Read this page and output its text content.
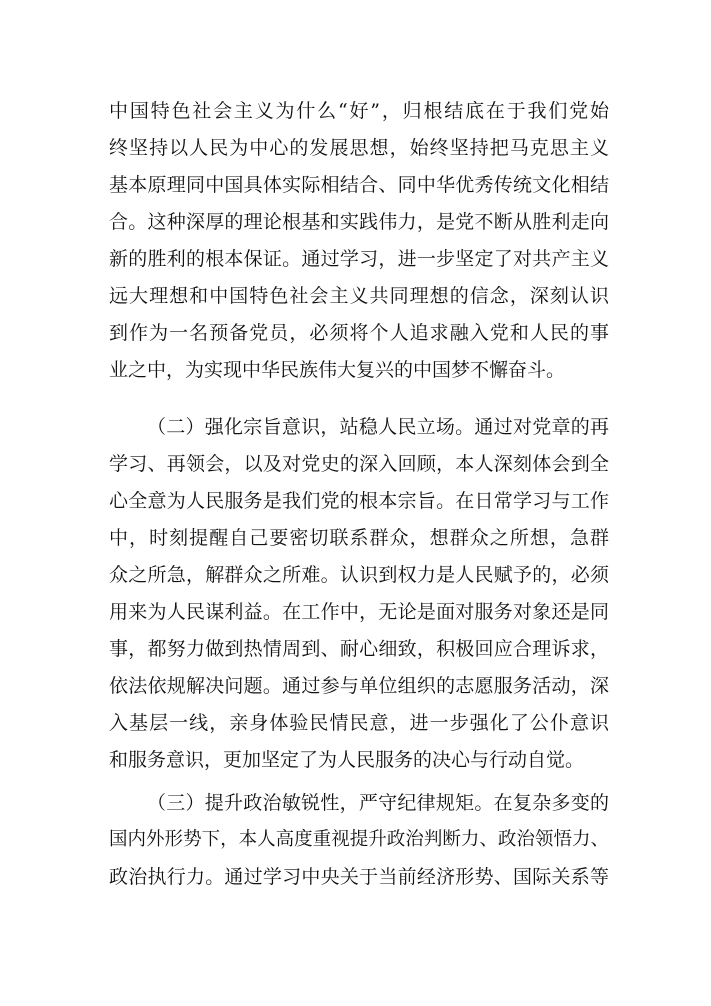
中国特色社会主义为什么“好”，归根结底在于我们党始
终坚持以人民为中心的发展思想，始终坚持把马克思主义
基本原理同中国具体实际相结合、同中华优秀传统文化相结
合。这种深厚的理论根基和实践伟力，是党不断从胜利走向
新的胜利的根本保证。通过学习，进一步坚定了对共产主义
远大理想和中国特色社会主义共同理想的信念，深刻认识
到作为一名预备党员，必须将个人追求融入党和人民的事
业之中，为实现中华民族伟大复兴的中国梦不懈奋斗。
（二）强化宗旨意识，站稳人民立场。通过对党章的再
学习、再领会，以及对党史的深入回顾，本人深刻体会到全
心全意为人民服务是我们党的根本宗旨。在日常学习与工作
中，时刻提醒自己要密切联系群众，想群众之所想，急群
众之所急，解群众之所难。认识到权力是人民赋予的，必须
用来为人民谋利益。在工作中，无论是面对服务对象还是同
事，都努力做到热情周到、耐心细致，积极回应合理诉求，
依法依规解决问题。通过参与单位组织的志愿服务活动，深
入基层一线，亲身体验民情民意，进一步强化了公仆意识
和服务意识，更加坚定了为人民服务的决心与行动自觉。
（三）提升政治敏锐性，严守纪律规矩。在复杂多变的
国内外形势下，本人高度重视提升政治判断力、政治领悟力、
政治执行力。通过学习中央关于当前经济形势、国际关系等
